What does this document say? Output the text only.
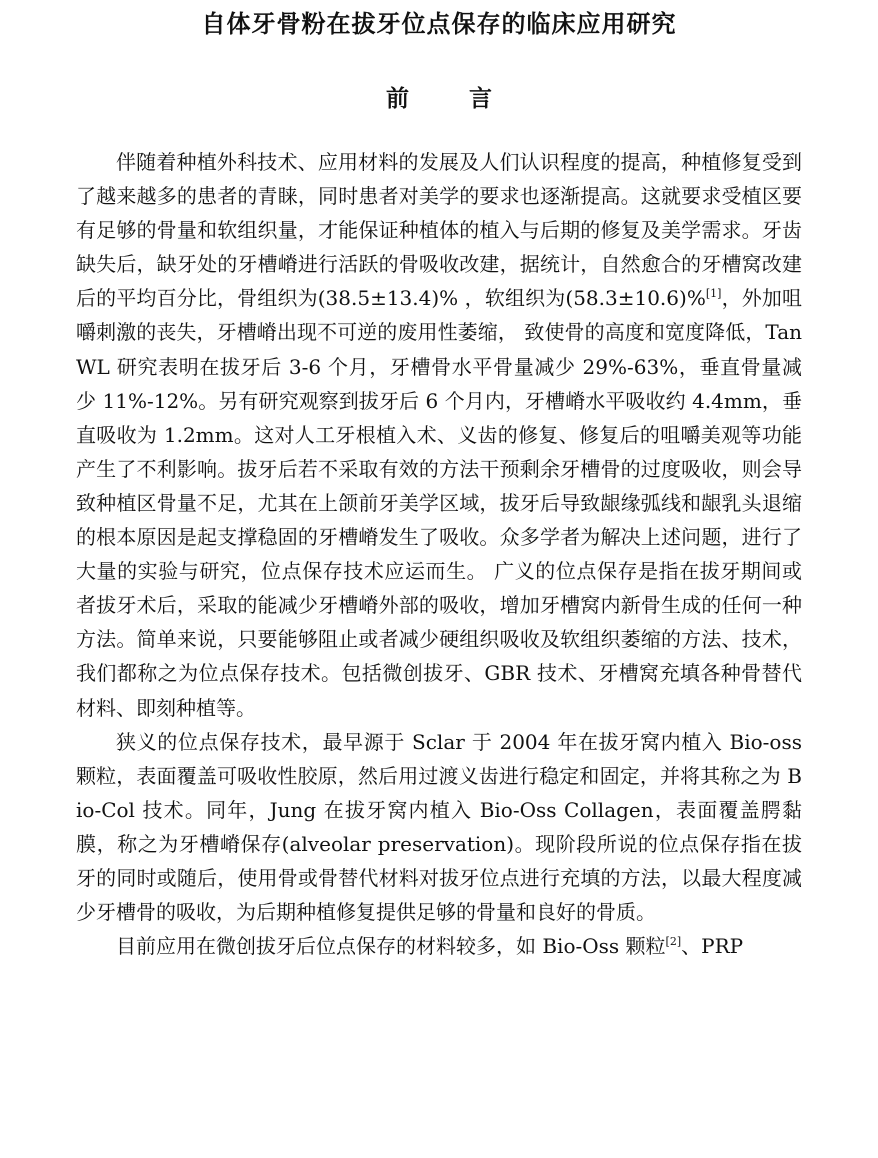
自体牙骨粉在拔牙位点保存的临床应用研究
前 言

伴随着种植外科技术、应用材料的发展及人们认识程度的提高，种植修复受到了越来越多的患者的青睐，同时患者对美学的要求也逐渐提高。这就要求受植区要有足够的骨量和软组织量，才能保证种植体的植入与后期的修复及美学需求。牙齿缺失后，缺牙处的牙槽嵴进行活跃的骨吸收改建，据统计，自然愈合的牙槽窝改建后的平均百分比，骨组织为(38.5±13.4)% ，软组织为(58.3±10.6)%[1]，外加咀嚼刺激的丧失，牙槽嵴出现不可逆的废用性萎缩， 致使骨的高度和宽度降低，TanWL 研究表明在拔牙后 3-6 个月，牙槽骨水平骨量减少 29%-63%，垂直骨量减少 11%-12%。另有研究观察到拔牙后 6 个月内，牙槽嵴水平吸收约 4.4mm，垂直吸收为 1.2mm。这对人工牙根植入术、义齿的修复、修复后的咀嚼美观等功能产生了不利影响。拔牙后若不采取有效的方法干预剩余牙槽骨的过度吸收，则会导致种植区骨量不足，尤其在上颌前牙美学区域，拔牙后导致龈缘弧线和龈乳头退缩的根本原因是起支撑稳固的牙槽嵴发生了吸收。众多学者为解决上述问题，进行了大量的实验与研究，位点保存技术应运而生。 广义的位点保存是指在拔牙期间或者拔牙术后，采取的能减少牙槽嵴外部的吸收，增加牙槽窝内新骨生成的任何一种方法。简单来说，只要能够阻止或者减少硬组织吸收及软组织萎缩的方法、技术，我们都称之为位点保存技术。包括微创拔牙、GBR 技术、牙槽窝充填各种骨替代材料、即刻种植等。

狭义的位点保存技术，最早源于 Sclar 于 2004 年在拔牙窝内植入 Bio-oss 颗粒，表面覆盖可吸收性胶原，然后用过渡义齿进行稳定和固定，并将其称之为 Bio-Col 技术。同年，Jung 在拔牙窝内植入 Bio-Oss Collagen，表面覆盖腭黏膜，称之为牙槽嵴保存(alveolar preservation)。现阶段所说的位点保存指在拔牙的同时或随后，使用骨或骨替代材料对拔牙位点进行充填的方法，以最大程度减少牙槽骨的吸收，为后期种植修复提供足够的骨量和良好的骨质。

目前应用在微创拔牙后位点保存的材料较多，如 Bio-Oss 颗粒[2]、PRP
